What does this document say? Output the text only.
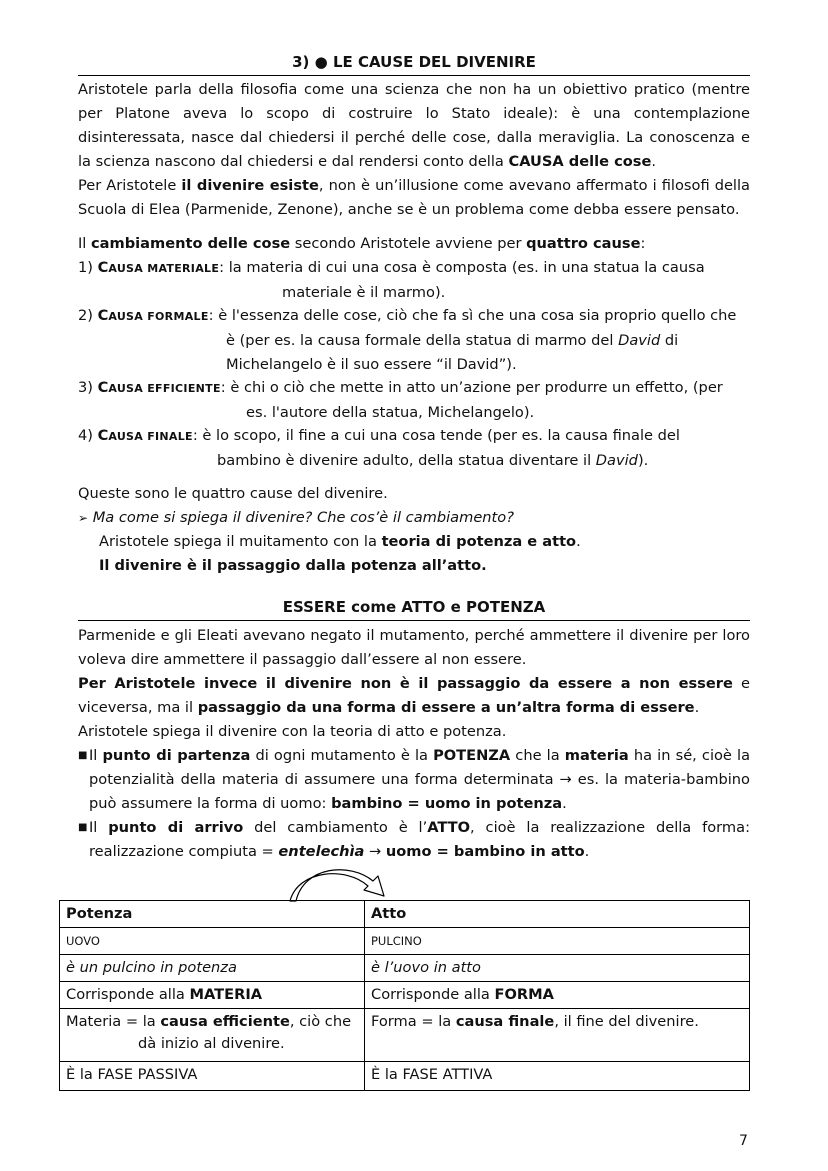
3) ● LE CAUSE DEL DIVENIRE
Aristotele parla della filosofia come una scienza che non ha un obiettivo pratico (mentre per Platone aveva lo scopo di costruire lo Stato ideale): è una contemplazione disinteressata, nasce dal chiedersi il perché delle cose, dalla meraviglia. La conoscenza e la scienza nascono dal chiedersi e dal rendersi conto della CAUSA delle cose.
Per Aristotele il divenire esiste, non è un’illusione come avevano affermato i filosofi della Scuola di Elea (Parmenide, Zenone), anche se è un problema come debba essere pensato.
Il cambiamento delle cose secondo Aristotele avviene per quattro cause:
1) CAUSA MATERIALE: la materia di cui una cosa è composta (es. in una statua la causa
materiale è il marmo).
2) CAUSA FORMALE: è l'essenza delle cose, ciò che fa sì che una cosa sia proprio quello che
è (per es. la causa formale della statua di marmo del David di
Michelangelo è il suo essere “il David”).
3) CAUSA EFFICIENTE: è chi o ciò che mette in atto un’azione per produrre un effetto, (per
es. l'autore della statua, Michelangelo).
4) CAUSA FINALE: è lo scopo, il fine a cui una cosa tende (per es. la causa finale del
bambino è divenire adulto, della statua diventare il David).
Queste sono le quattro cause del divenire.
➢ Ma come si spiega il divenire? Che cos’è il cambiamento?
Aristotele spiega il muitamento con la teoria di potenza e atto.
Il divenire è il passaggio dalla potenza all’atto.
ESSERE come ATTO e POTENZA
Parmenide e gli Eleati avevano negato il mutamento, perché ammettere il divenire per loro voleva dire ammettere il passaggio dall’essere al non essere.
Per Aristotele invece il divenire non è il passaggio da essere a non essere e viceversa, ma il passaggio da una forma di essere a un’altra forma di essere.
Aristotele spiega il divenire con la teoria di atto e potenza.
■ Il punto di partenza di ogni mutamento è la POTENZA che la materia ha in sé, cioè la potenzialità della materia di assumere una forma determinata → es. la materia-bambino può assumere la forma di uomo: bambino = uomo in potenza.
■ Il punto di arrivo del cambiamento è l’ATTO, cioè la realizzazione della forma: realizzazione compiuta = entelechìa → uomo = bambino in atto.
Potenza	Atto
UOVO	PULCINO
è un pulcino in potenza	è l’uovo in atto
Corrisponde alla MATERIA	Corrisponde alla FORMA

Materia = la causa efficiente, ciò che
dà inizio al divenire.	Forma = la causa finale, il fine del divenire.
È la FASE PASSIVA	È la FASE ATTIVA
7
